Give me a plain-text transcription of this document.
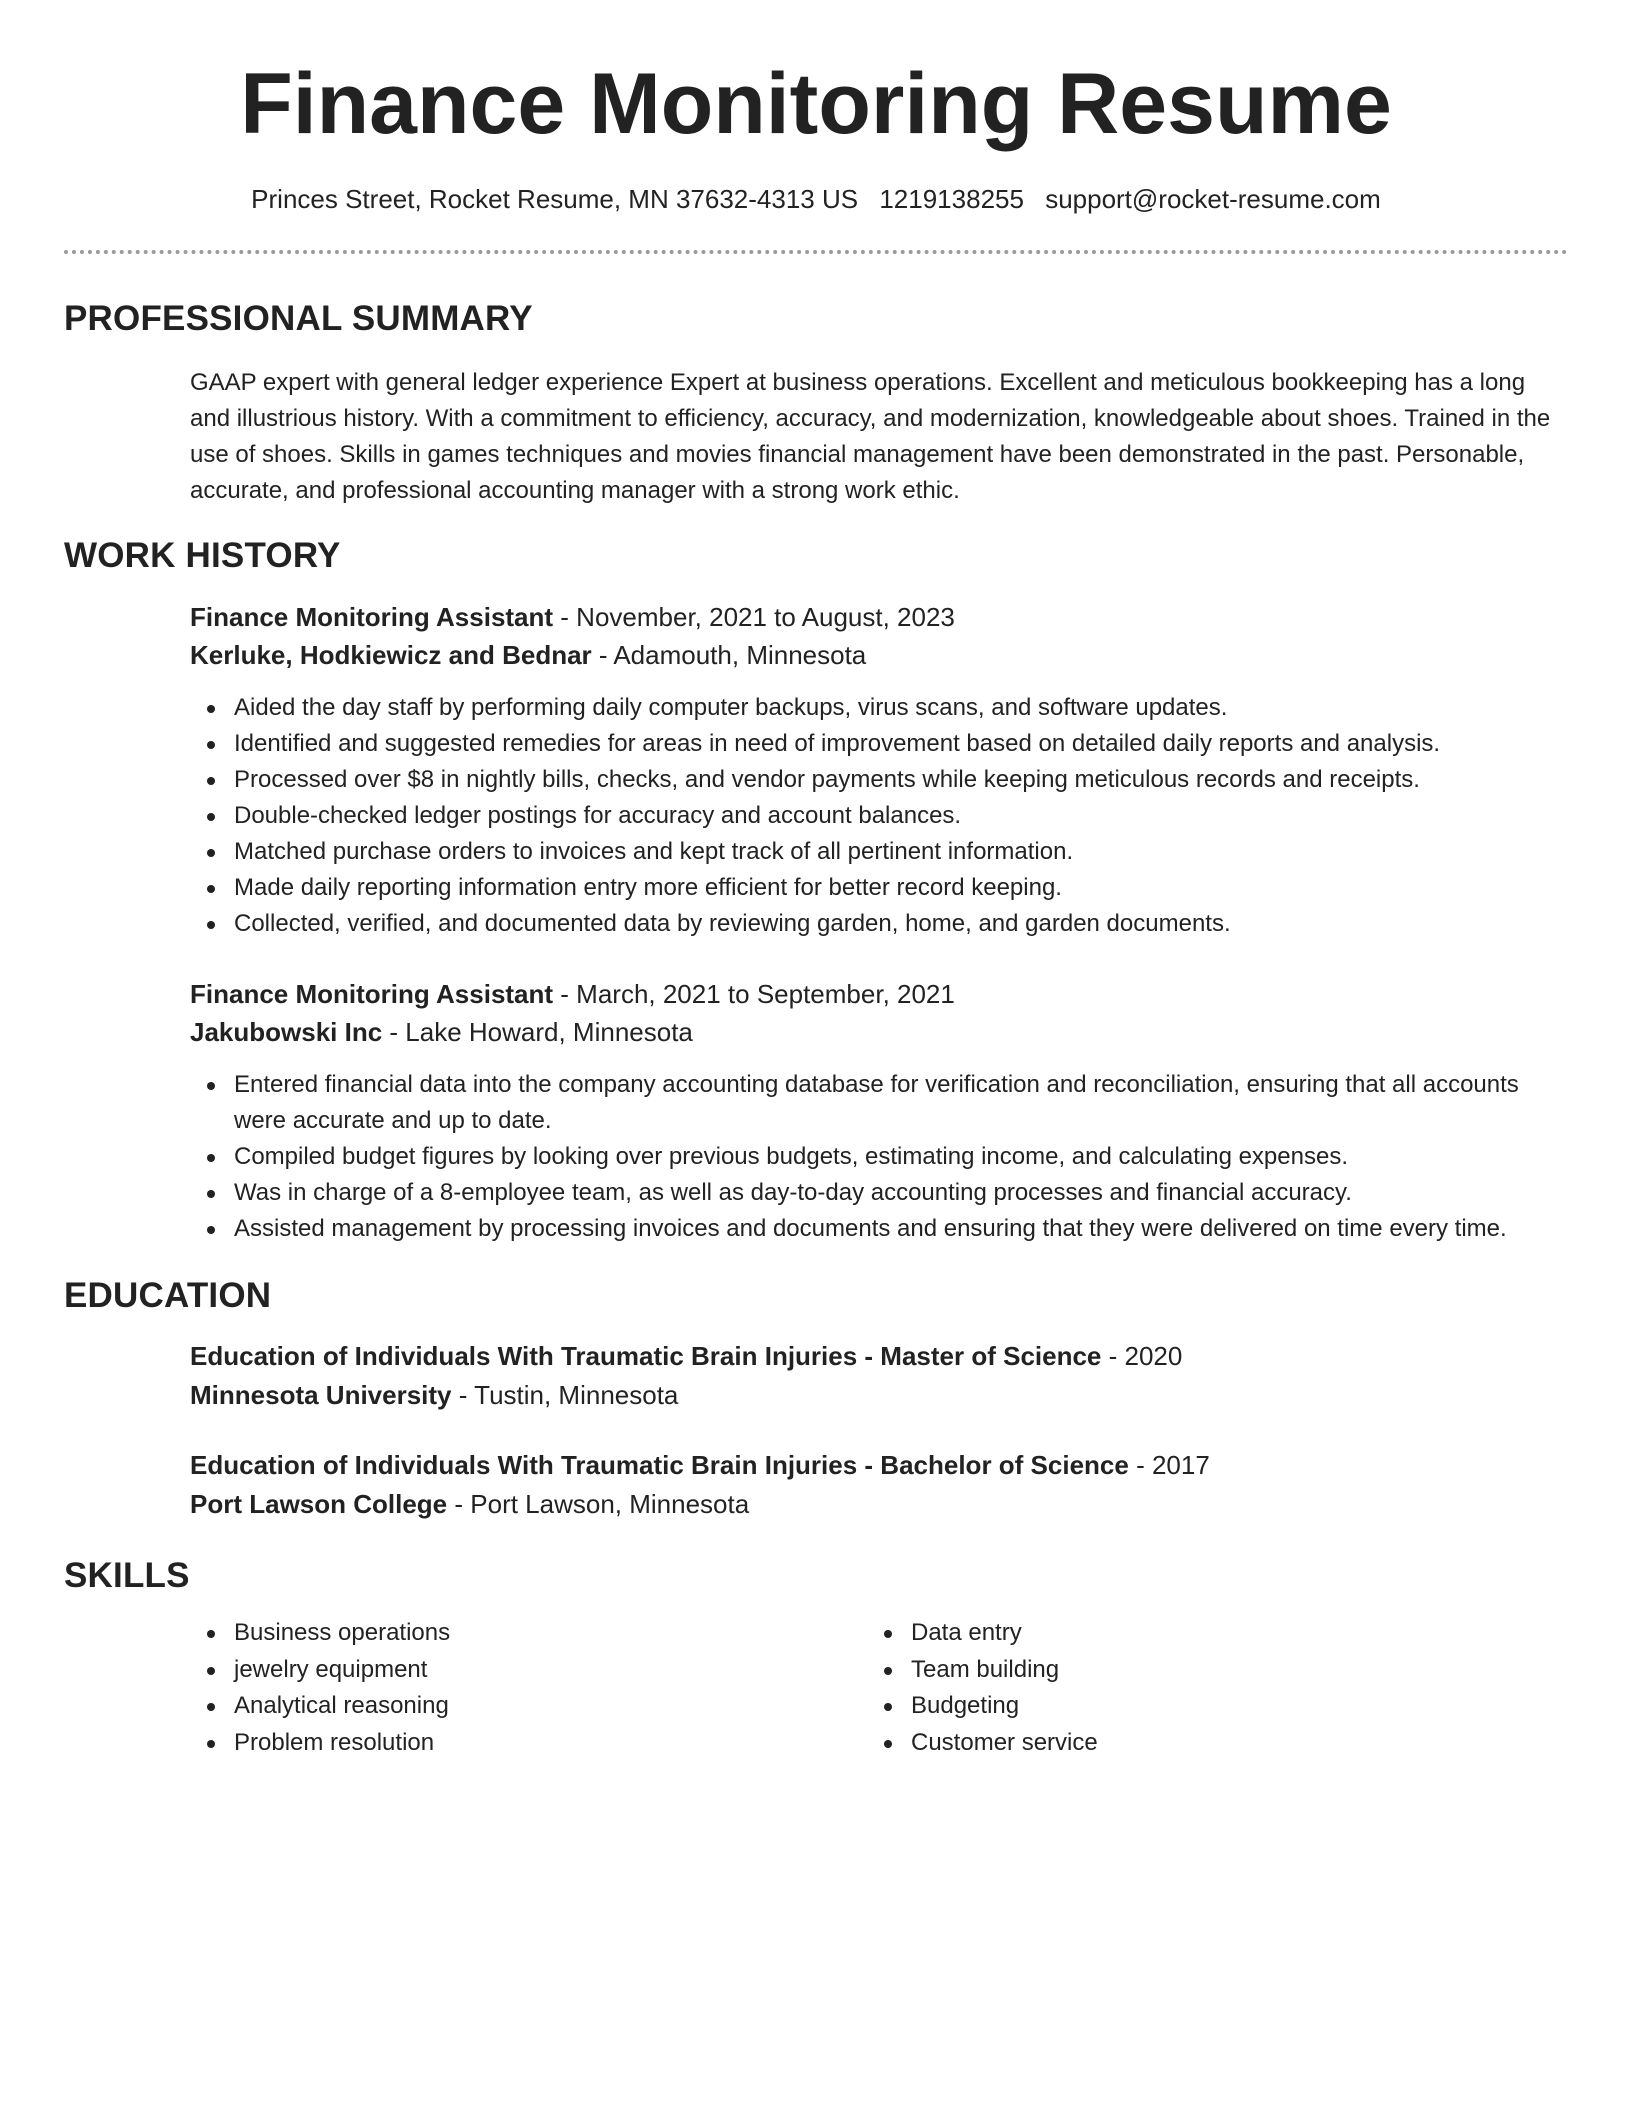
Finance Monitoring Resume
Princes Street, Rocket Resume, MN 37632-4313 US 1219138255 support@rocket-resume.com
PROFESSIONAL SUMMARY

GAAP expert with general ledger experience Expert at business operations. Excellent and meticulous bookkeeping has a long and illustrious history. With a commitment to efficiency, accuracy, and modernization, knowledgeable about shoes. Trained in the use of shoes. Skills in games techniques and movies financial management have been demonstrated in the past. Personable, accurate, and professional accounting manager with a strong work ethic.

WORK HISTORY
Finance Monitoring Assistant - November, 2021 to August, 2023
Kerluke, Hodkiewicz and Bednar - Adamouth, Minnesota
Aided the day staff by performing daily computer backups, virus scans, and software updates.
Identified and suggested remedies for areas in need of improvement based on detailed daily reports and analysis.
Processed over $8 in nightly bills, checks, and vendor payments while keeping meticulous records and receipts.
Double-checked ledger postings for accuracy and account balances.
Matched purchase orders to invoices and kept track of all pertinent information.
Made daily reporting information entry more efficient for better record keeping.
Collected, verified, and documented data by reviewing garden, home, and garden documents.
Finance Monitoring Assistant - March, 2021 to September, 2021
Jakubowski Inc - Lake Howard, Minnesota
Entered financial data into the company accounting database for verification and reconciliation, ensuring that all accounts were accurate and up to date.
Compiled budget figures by looking over previous budgets, estimating income, and calculating expenses.
Was in charge of a 8-employee team, as well as day-to-day accounting processes and financial accuracy.
Assisted management by processing invoices and documents and ensuring that they were delivered on time every time.
EDUCATION
Education of Individuals With Traumatic Brain Injuries - Master of Science - 2020
Minnesota University - Tustin, Minnesota
Education of Individuals With Traumatic Brain Injuries - Bachelor of Science - 2017
Port Lawson College - Port Lawson, Minnesota
SKILLS
Business operations
jewelry equipment
Analytical reasoning
Problem resolution
Data entry
Team building
Budgeting
Customer service
